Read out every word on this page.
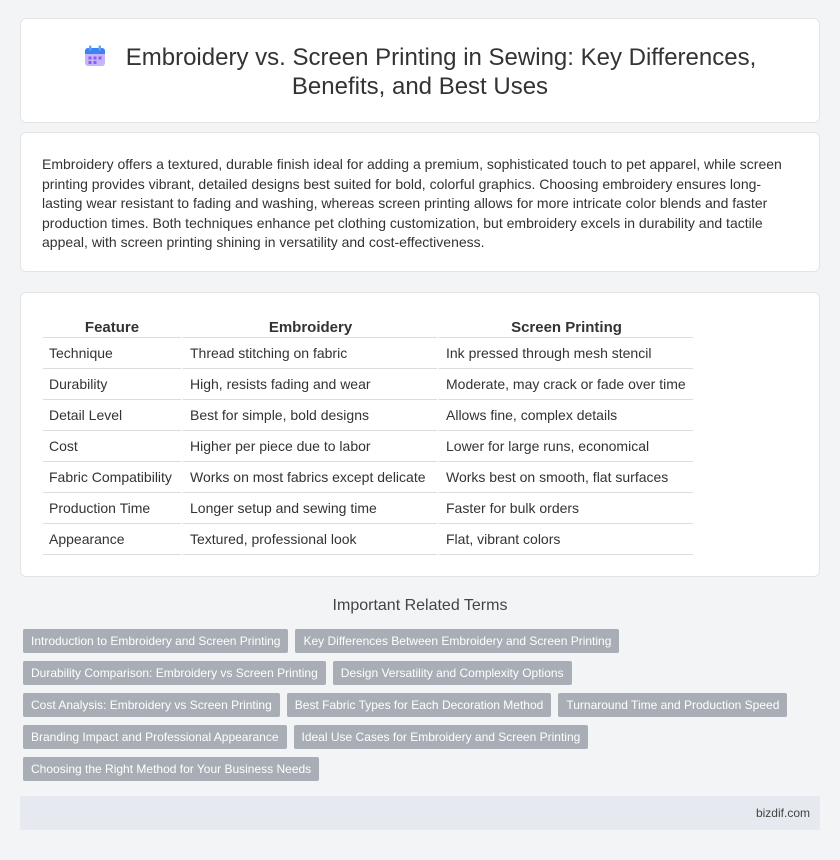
Embroidery vs. Screen Printing in Sewing: Key Differences,
Benefits, and Best Uses

Embroidery offers a textured, durable finish ideal for adding a premium, sophisticated touch to pet apparel, while screen printing provides vibrant, detailed designs best suited for bold, colorful graphics. Choosing embroidery ensures long-lasting wear resistant to fading and washing, whereas screen printing allows for more intricate color blends and faster production times. Both techniques enhance pet clothing customization, but embroidery excels in durability and tactile appeal, with screen printing shining in versatility and cost-effectiveness.

Feature	Embroidery	Screen Printing
Technique	Thread stitching on fabric	Ink pressed through mesh stencil
Durability	High, resists fading and wear	Moderate, may crack or fade over time
Detail Level	Best for simple, bold designs	Allows fine, complex details
Cost	Higher per piece due to labor	Lower for large runs, economical
Fabric Compatibility	Works on most fabrics except delicate	Works best on smooth, flat surfaces
Production Time	Longer setup and sewing time	Faster for bulk orders
Appearance	Textured, professional look	Flat, vibrant colors
Important Related Terms
Introduction to Embroidery and Screen Printing	Key Differences Between Embroidery and Screen Printing
Durability Comparison: Embroidery vs Screen Printing	Design Versatility and Complexity Options
Cost Analysis: Embroidery vs Screen Printing	Best Fabric Types for Each Decoration Method	Turnaround Time and Production Speed
Branding Impact and Professional Appearance	Ideal Use Cases for Embroidery and Screen Printing
Choosing the Right Method for Your Business Needs
bizdif.com
